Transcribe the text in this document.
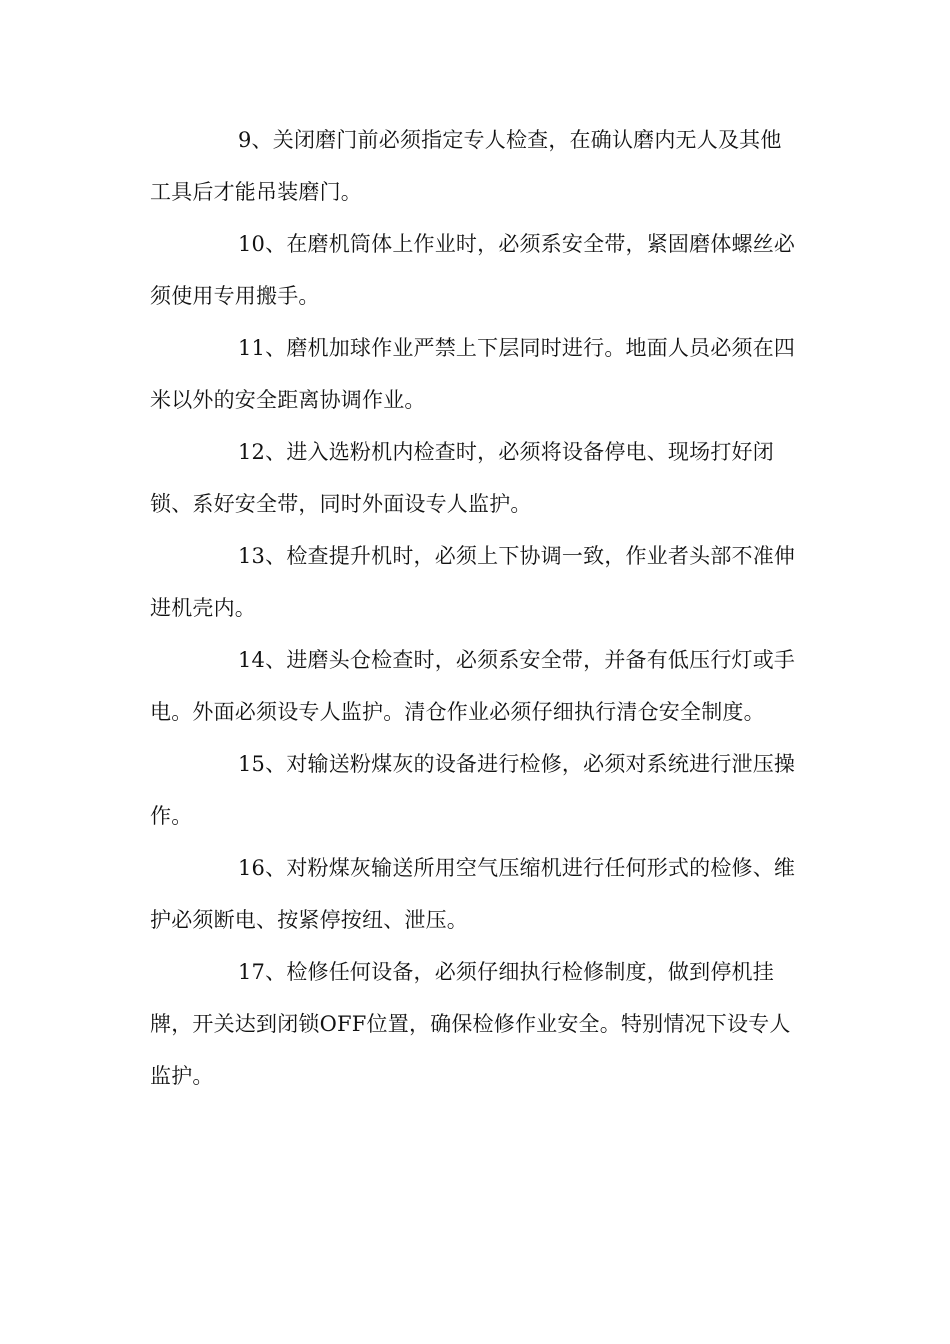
9、关闭磨门前必须指定专人检查，在确认磨内无人及其他工具后才能吊装磨门。

10、在磨机筒体上作业时，必须系安全带，紧固磨体螺丝必须使用专用搬手。

11、磨机加球作业严禁上下层同时进行。地面人员必须在四米以外的安全距离协调作业。

12、进入选粉机内检查时，必须将设备停电、现场打好闭锁、系好安全带，同时外面设专人监护。

13、检查提升机时，必须上下协调一致，作业者头部不准伸进机壳内。

14、进磨头仓检查时，必须系安全带，并备有低压行灯或手电。外面必须设专人监护。清仓作业必须仔细执行清仓安全制度。

15、对输送粉煤灰的设备进行检修，必须对系统进行泄压操作。

16、对粉煤灰输送所用空气压缩机进行任何形式的检修、维护必须断电、按紧停按纽、泄压。

17、检修任何设备，必须仔细执行检修制度，做到停机挂牌，开关达到闭锁OFF位置，确保检修作业安全。特别情况下设专人监护。
